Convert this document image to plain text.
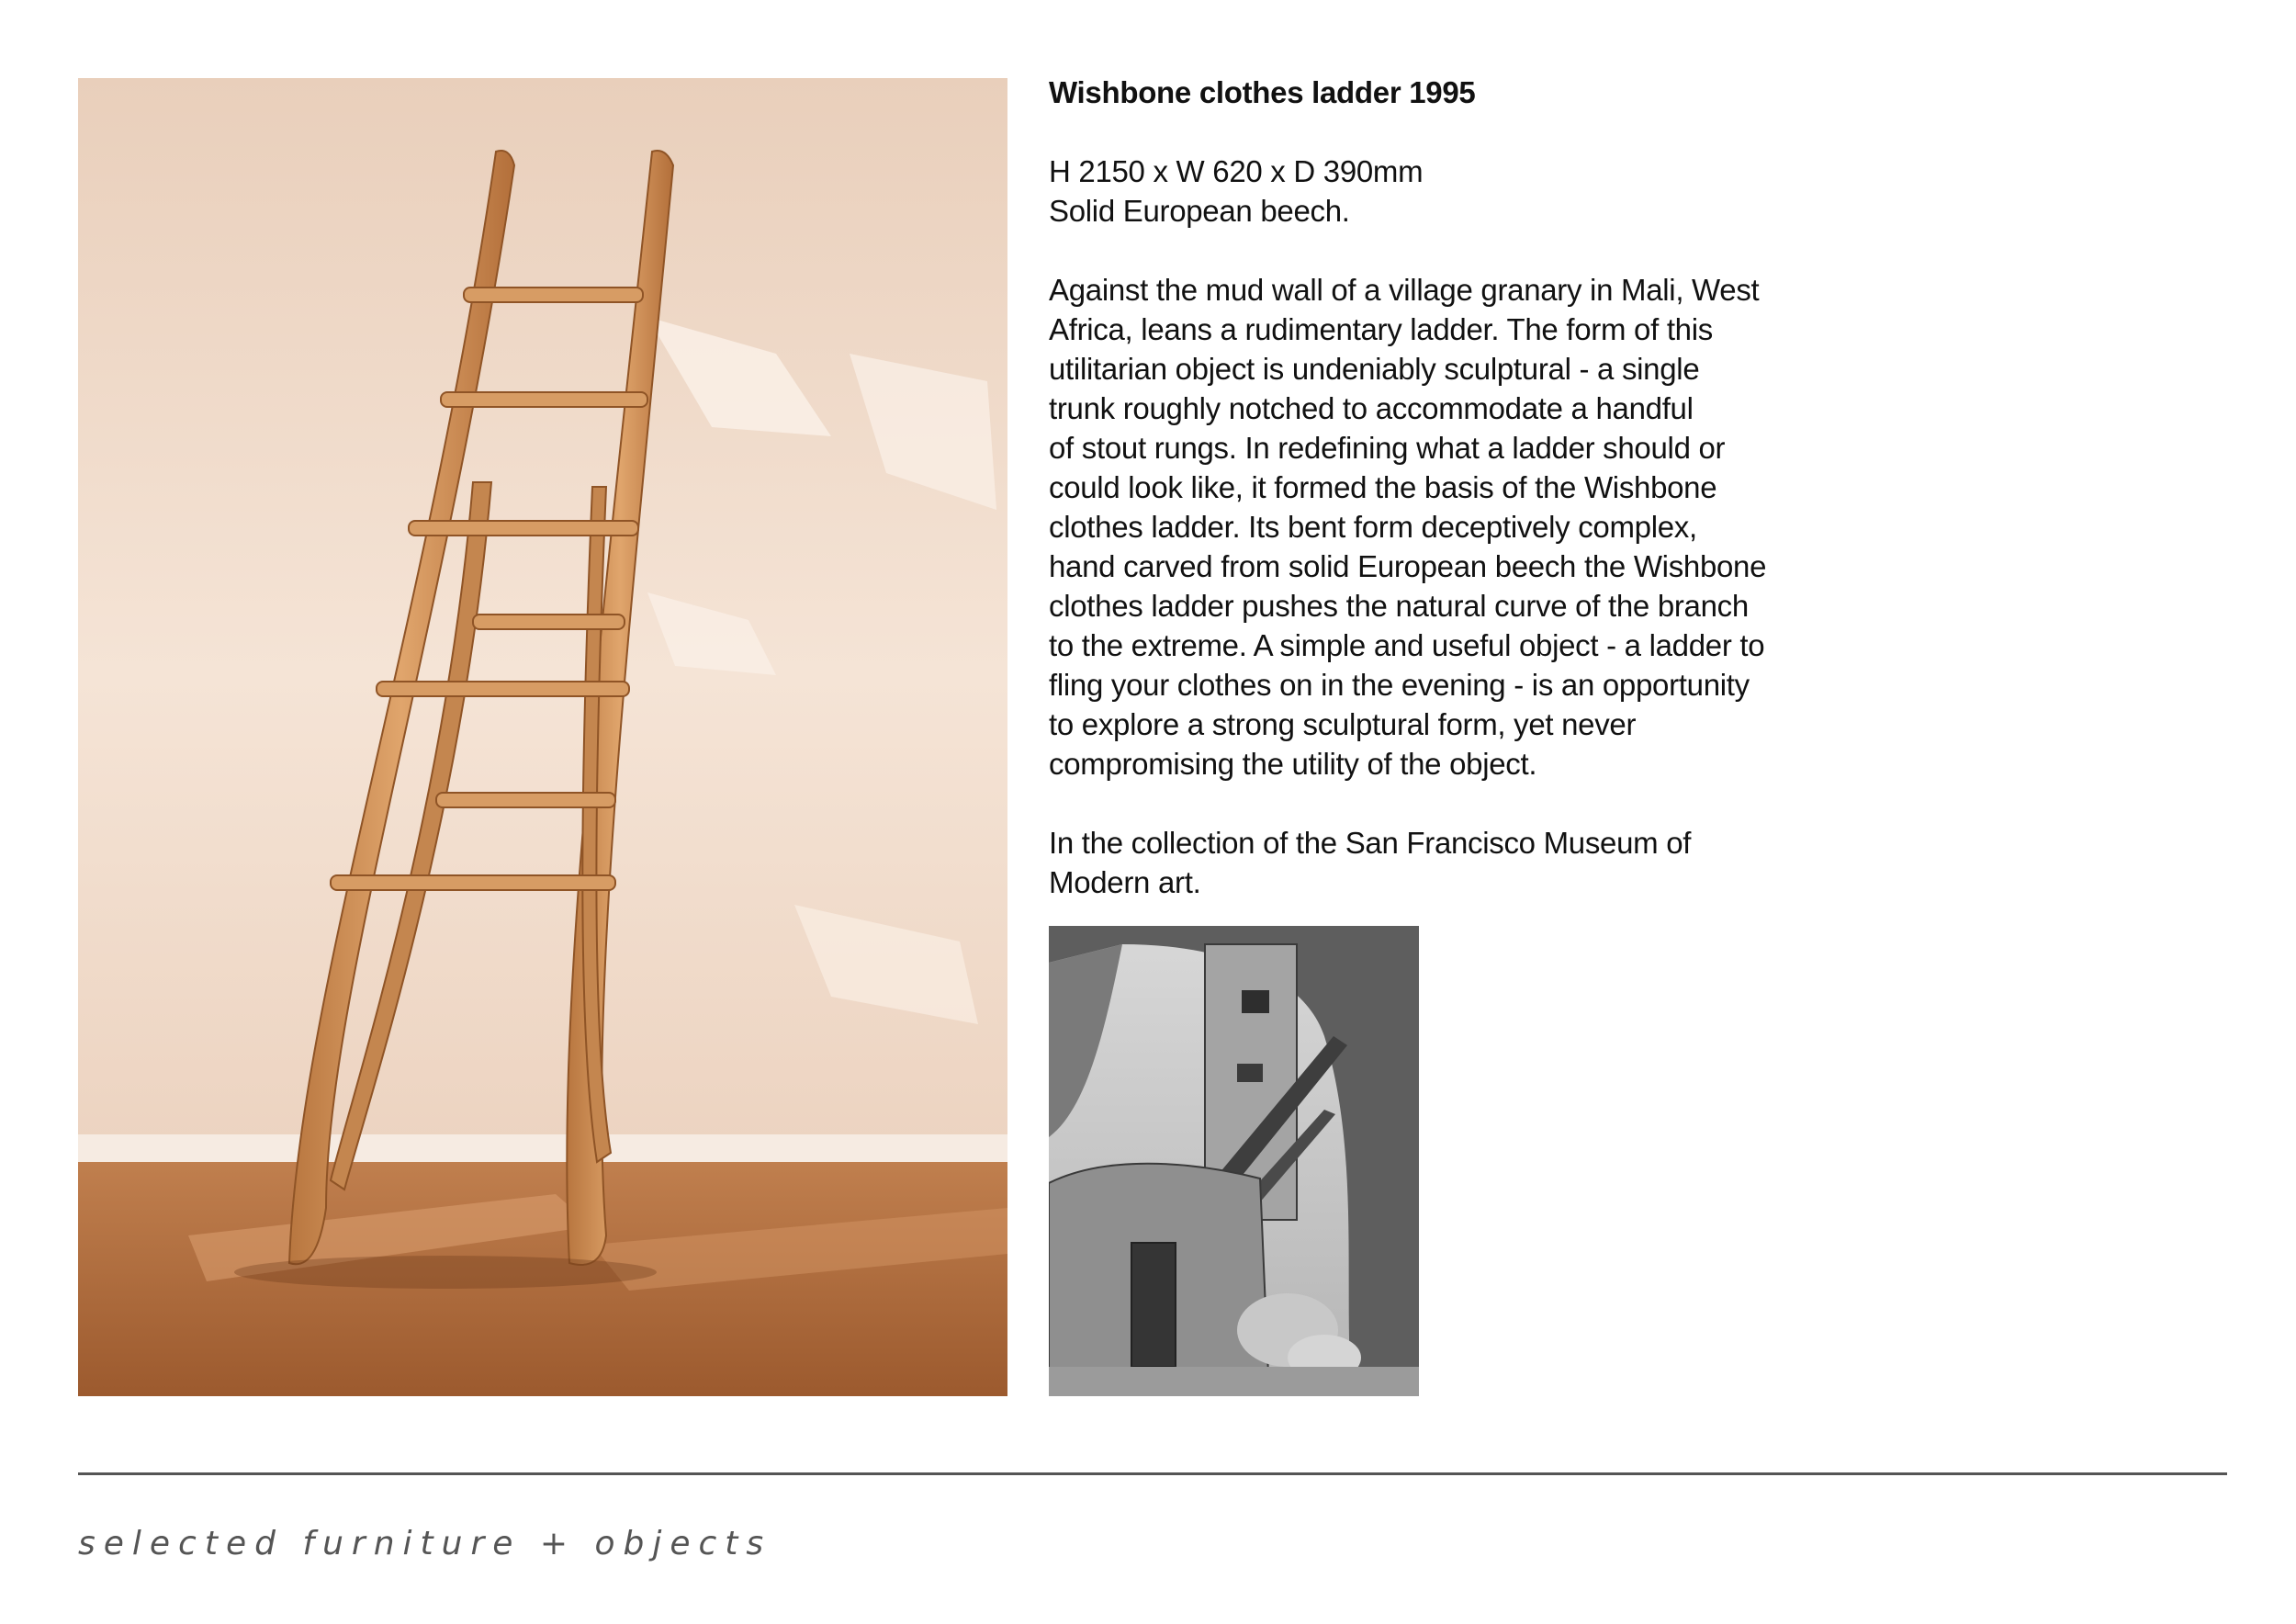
Wishbone clothes ladder 1995

H 2150 x W 620 x D 390mm

Solid European beech.

Against the mud wall of a village granary in Mali, West

Africa, leans a rudimentary ladder. The form of this

utilitarian object is undeniably sculptural - a single

trunk roughly notched to accommodate a handful

of stout rungs. In redefining what a ladder should or

could look like, it formed the basis of the Wishbone

clothes ladder. Its bent form deceptively complex,

hand carved from solid European beech the Wishbone

clothes ladder pushes the natural curve of the branch

to the extreme. A simple and useful object - a ladder to

fling your clothes on in the evening - is an opportunity

to explore a strong sculptural form, yet never

compromising the utility of the object.

In the collection of the San Francisco Museum of

Modern art.

selected furniture + objects
